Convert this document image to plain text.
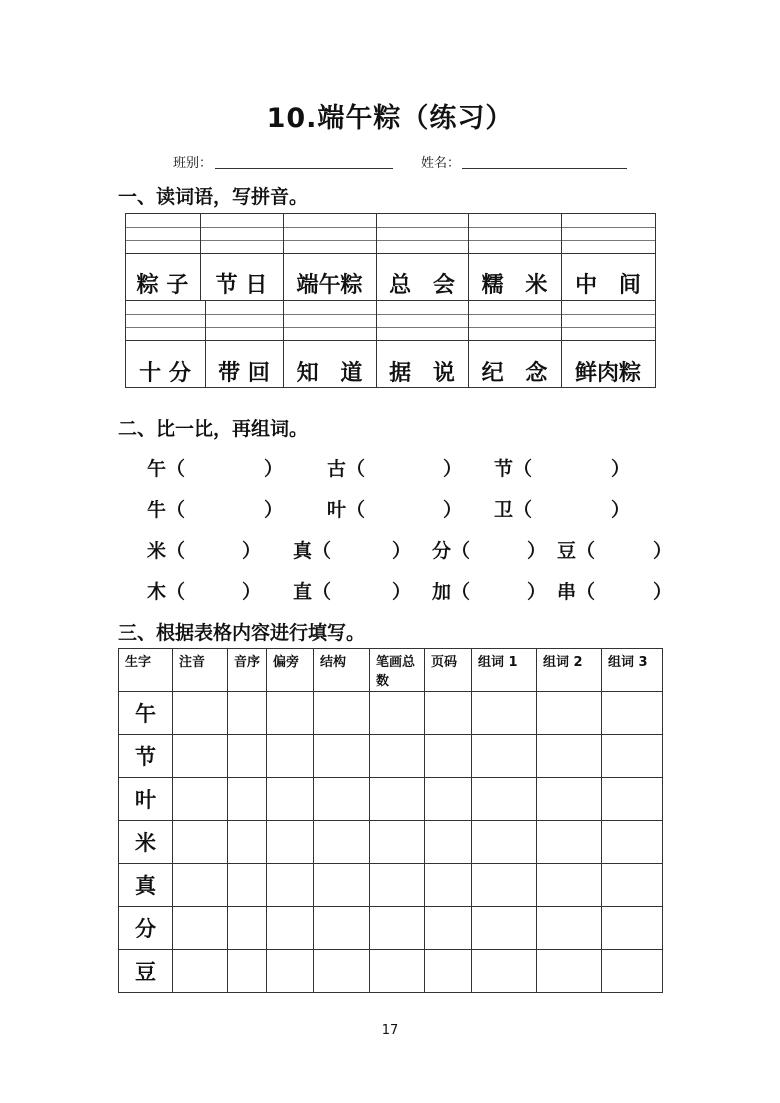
10.端午粽（练习）
班别：	姓名：
一、读词语，写拼音。
粽 子	节 日	端午粽	总 会	糯 米	中 间
十 分	带 回	知 道	据 说	纪 念	鲜肉粽
二、比一比，再组词。
午（	） 古（	） 节（	）
牛（	） 叶（	） 卫（	）
米（	） 真（	） 分（	） 豆（	）
木（	） 直（	） 加（	） 串（	）
三、根据表格内容进行填写。
生字	注音	音序	偏旁	结构	笔画总数	页码	组词 1	组词 2	组词 3
午									
节									
叶									
米									
真									
分									
豆									
17
